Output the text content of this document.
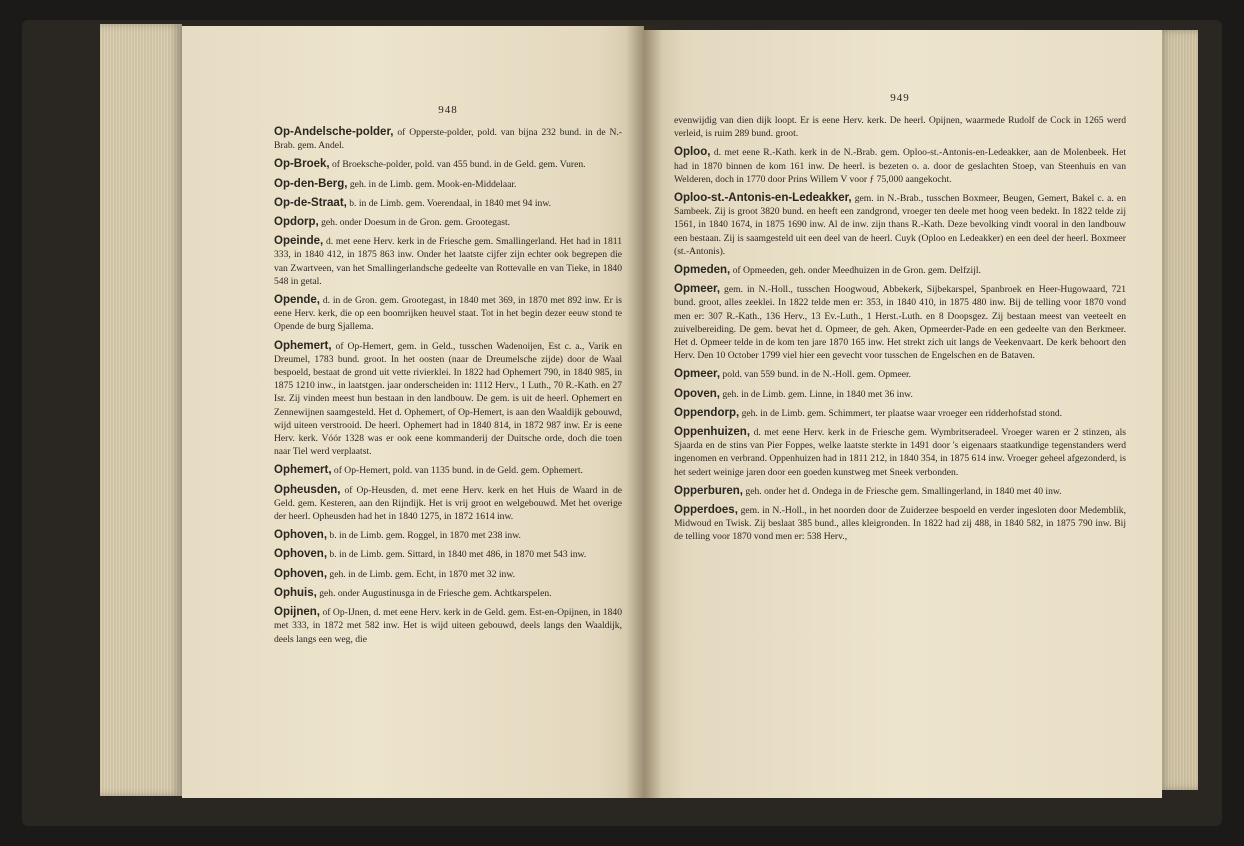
948

Op-Andelsche-polder, of Opperste-polder, pold. van bijna 232 bund. in de N.-Brab. gem. Andel.

Op-Broek, of Broeksche-polder, pold. van 455 bund. in de Geld. gem. Vuren.

Op-den-Berg, geh. in de Limb. gem. Mook-en-Middelaar.

Op-de-Straat, b. in de Limb. gem. Voerendaal, in 1840 met 94 inw.

Opdorp, geh. onder Doesum in de Gron. gem. Grootegast.

Opeinde, d. met eene Herv. kerk in de Friesche gem. Smallingerland. Het had in 1811 333, in 1840 412, in 1875 863 inw. Onder het laatste cijfer zijn echter ook begrepen die van Zwartveen, van het Smallingerlandsche gedeelte van Rottevalle en van Tieke, in 1840 548 in getal.

Opende, d. in de Gron. gem. Grootegast, in 1840 met 369, in 1870 met 892 inw. Er is eene Herv. kerk, die op een boomrijken heuvel staat. Tot in het begin dezer eeuw stond te Opende de burg Sjallema.

Ophemert, of Op-Hemert, gem. in Geld., tusschen Wadenoijen, Est c. a., Varik en Dreumel, 1783 bund. groot. In het oosten (naar de Dreumelsche zijde) door de Waal bespoeld, bestaat de grond uit vette rivierklei. In 1822 had Ophemert 790, in 1840 985, in 1875 1210 inw., in laatstgen. jaar onderscheiden in: 1112 Herv., 1 Luth., 70 R.-Kath. en 27 Isr. Zij vinden meest hun bestaan in den landbouw. De gem. is uit de heerl. Ophemert en Zennewijnen saamgesteld. Het d. Ophemert, of Op-Hemert, is aan den Waaldijk gebouwd, wijd uiteen verstrooid. De heerl. Ophemert had in 1840 814, in 1872 987 inw. Er is eene Herv. kerk. Vóór 1328 was er ook eene kommanderij der Duitsche orde, doch die toen naar Tiel werd verplaatst.

Ophemert, of Op-Hemert, pold. van 1135 bund. in de Geld. gem. Ophemert.

Opheusden, of Op-Heusden, d. met eene Herv. kerk en het Huis de Waard in de Geld. gem. Kesteren, aan den Rijndijk. Het is vrij groot en welgebouwd. Met het overige der heerl. Opheusden had het in 1840 1275, in 1872 1614 inw.

Ophoven, b. in de Limb. gem. Roggel, in 1870 met 238 inw.

Ophoven, b. in de Limb. gem. Sittard, in 1840 met 486, in 1870 met 543 inw.

Ophoven, geh. in de Limb. gem. Echt, in 1870 met 32 inw.

Ophuis, geh. onder Augustinusga in de Friesche gem. Achtkarspelen.

Opijnen, of Op-IJnen, d. met eene Herv. kerk in de Geld. gem. Est-en-Opijnen, in 1840 met 333, in 1872 met 582 inw. Het is wijd uiteen gebouwd, deels langs den Waaldijk, deels langs een weg, die

949

evenwijdig van dien dijk loopt. Er is eene Herv. kerk. De heerl. Opijnen, waarmede Rudolf de Cock in 1265 werd verleid, is ruim 289 bund. groot.

Oploo, d. met eene R.-Kath. kerk in de N.-Brab. gem. Oploo-st.-Antonis-en-Ledeakker, aan de Molenbeek. Het had in 1870 binnen de kom 161 inw. De heerl. is bezeten o. a. door de geslachten Stoep, van Steenhuis en van Welderen, doch in 1770 door Prins Willem V voor ƒ 75,000 aangekocht.

Oploo-st.-Antonis-en-Ledeakker, gem. in N.-Brab., tusschen Boxmeer, Beugen, Gemert, Bakel c. a. en Sambeek. Zij is groot 3820 bund. en heeft een zandgrond, vroeger ten deele met hoog veen bedekt. In 1822 telde zij 1561, in 1840 1674, in 1875 1690 inw. Al de inw. zijn thans R.-Kath. Deze bevolking vindt vooral in den landbouw een bestaan. Zij is saamgesteld uit een deel van de heerl. Cuyk (Oploo en Ledeakker) en een deel der heerl. Boxmeer (st.-Antonis).

Opmeden, of Opmeeden, geh. onder Meedhuizen in de Gron. gem. Delfzijl.

Opmeer, gem. in N.-Holl., tusschen Hoogwoud, Abbekerk, Sijbekarspel, Spanbroek en Heer-Hugowaard, 721 bund. groot, alles zeeklei. In 1822 telde men er: 353, in 1840 410, in 1875 480 inw. Bij de telling voor 1870 vond men er: 307 R.-Kath., 136 Herv., 13 Ev.-Luth., 1 Herst.-Luth. en 8 Doopsgez. Zij bestaan meest van veeteelt en zuivelbereiding. De gem. bevat het d. Opmeer, de geh. Aken, Opmeerder-Pade en een gedeelte van den Berkmeer. Het d. Opmeer telde in de kom ten jare 1870 165 inw. Het strekt zich uit langs de Veekenvaart. De kerk behoort den Herv. Den 10 October 1799 viel hier een gevecht voor tusschen de Engelschen en de Bataven.

Opmeer, pold. van 559 bund. in de N.-Holl. gem. Opmeer.

Opoven, geh. in de Limb. gem. Linne, in 1840 met 36 inw.

Oppendorp, geh. in de Limb. gem. Schimmert, ter plaatse waar vroeger een ridderhofstad stond.

Oppenhuizen, d. met eene Herv. kerk in de Friesche gem. Wymbritseradeel. Vroeger waren er 2 stinzen, als Sjaarda en de stins van Pier Foppes, welke laatste sterkte in 1491 door 's eigenaars staatkundige tegenstanders werd ingenomen en verbrand. Oppenhuizen had in 1811 212, in 1840 354, in 1875 614 inw. Vroeger geheel afgezonderd, is het sedert weinige jaren door een goeden kunstweg met Sneek verbonden.

Opperburen, geh. onder het d. Ondega in de Friesche gem. Smallingerland, in 1840 met 40 inw.

Opperdoes, gem. in N.-Holl., in het noorden door de Zuiderzee bespoeld en verder ingesloten door Medemblik, Midwoud en Twisk. Zij beslaat 385 bund., alles kleigronden. In 1822 had zij 488, in 1840 582, in 1875 790 inw. Bij de telling voor 1870 vond men er: 538 Herv.,
